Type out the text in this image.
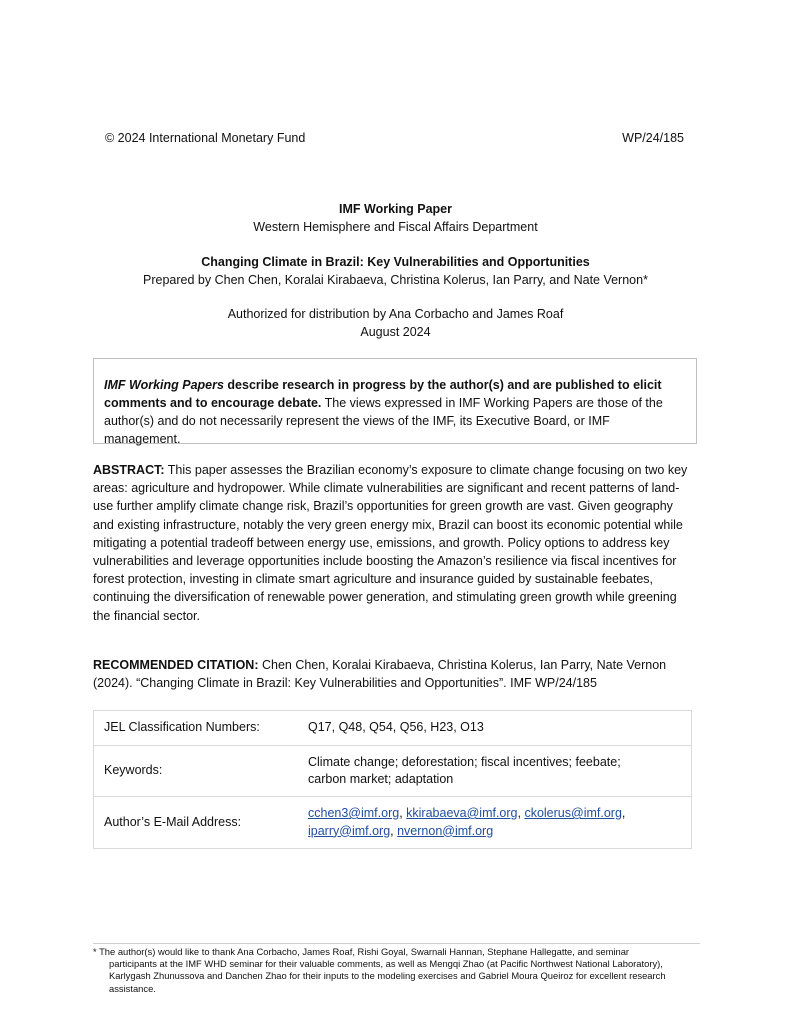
© 2024 International Monetary Fund	WP/24/185
IMF Working Paper
Western Hemisphere and Fiscal Affairs Department
Changing Climate in Brazil: Key Vulnerabilities and Opportunities
Prepared by Chen Chen, Koralai Kirabaeva, Christina Kolerus, Ian Parry, and Nate Vernon*
Authorized for distribution by Ana Corbacho and James Roaf
August 2024

IMF Working Papers describe research in progress by the author(s) and are published to elicit comments and to encourage debate. The views expressed in IMF Working Papers are those of the author(s) and do not necessarily represent the views of the IMF, its Executive Board, or IMF management.

ABSTRACT: This paper assesses the Brazilian economy’s exposure to climate change focusing on two key areas: agriculture and hydropower. While climate vulnerabilities are significant and recent patterns of land-use further amplify climate change risk, Brazil’s opportunities for green growth are vast. Given geography and existing infrastructure, notably the very green energy mix, Brazil can boost its economic potential while mitigating a potential tradeoff between energy use, emissions, and growth. Policy options to address key vulnerabilities and leverage opportunities include boosting the Amazon’s resilience via fiscal incentives for forest protection, investing in climate smart agriculture and insurance guided by sustainable feebates, continuing the diversification of renewable power generation, and stimulating green growth while greening the financial sector.

RECOMMENDED CITATION: Chen Chen, Koralai Kirabaeva, Christina Kolerus, Ian Parry, Nate Vernon (2024). “Changing Climate in Brazil: Key Vulnerabilities and Opportunities”. IMF WP/24/185

JEL Classification Numbers:	Q17, Q48, Q54, Q56, H23, O13
Keywords:	Climate change; deforestation; fiscal incentives; feebate;
carbon market; adaptation
Author’s E-Mail Address:	cchen3@imf.org, kkirabaeva@imf.org, ckolerus@imf.org,
iparry@imf.org, nvernon@imf.org
* The author(s) would like to thank Ana Corbacho, James Roaf, Rishi Goyal, Swarnali Hannan, Stephane Hallegatte, and seminar
participants at the IMF WHD seminar for their valuable comments, as well as Mengqi Zhao (at Pacific Northwest National Laboratory), Karlygash Zhunussova and Danchen Zhao for their inputs to the modeling exercises and Gabriel Moura Queiroz for excellent research assistance.
